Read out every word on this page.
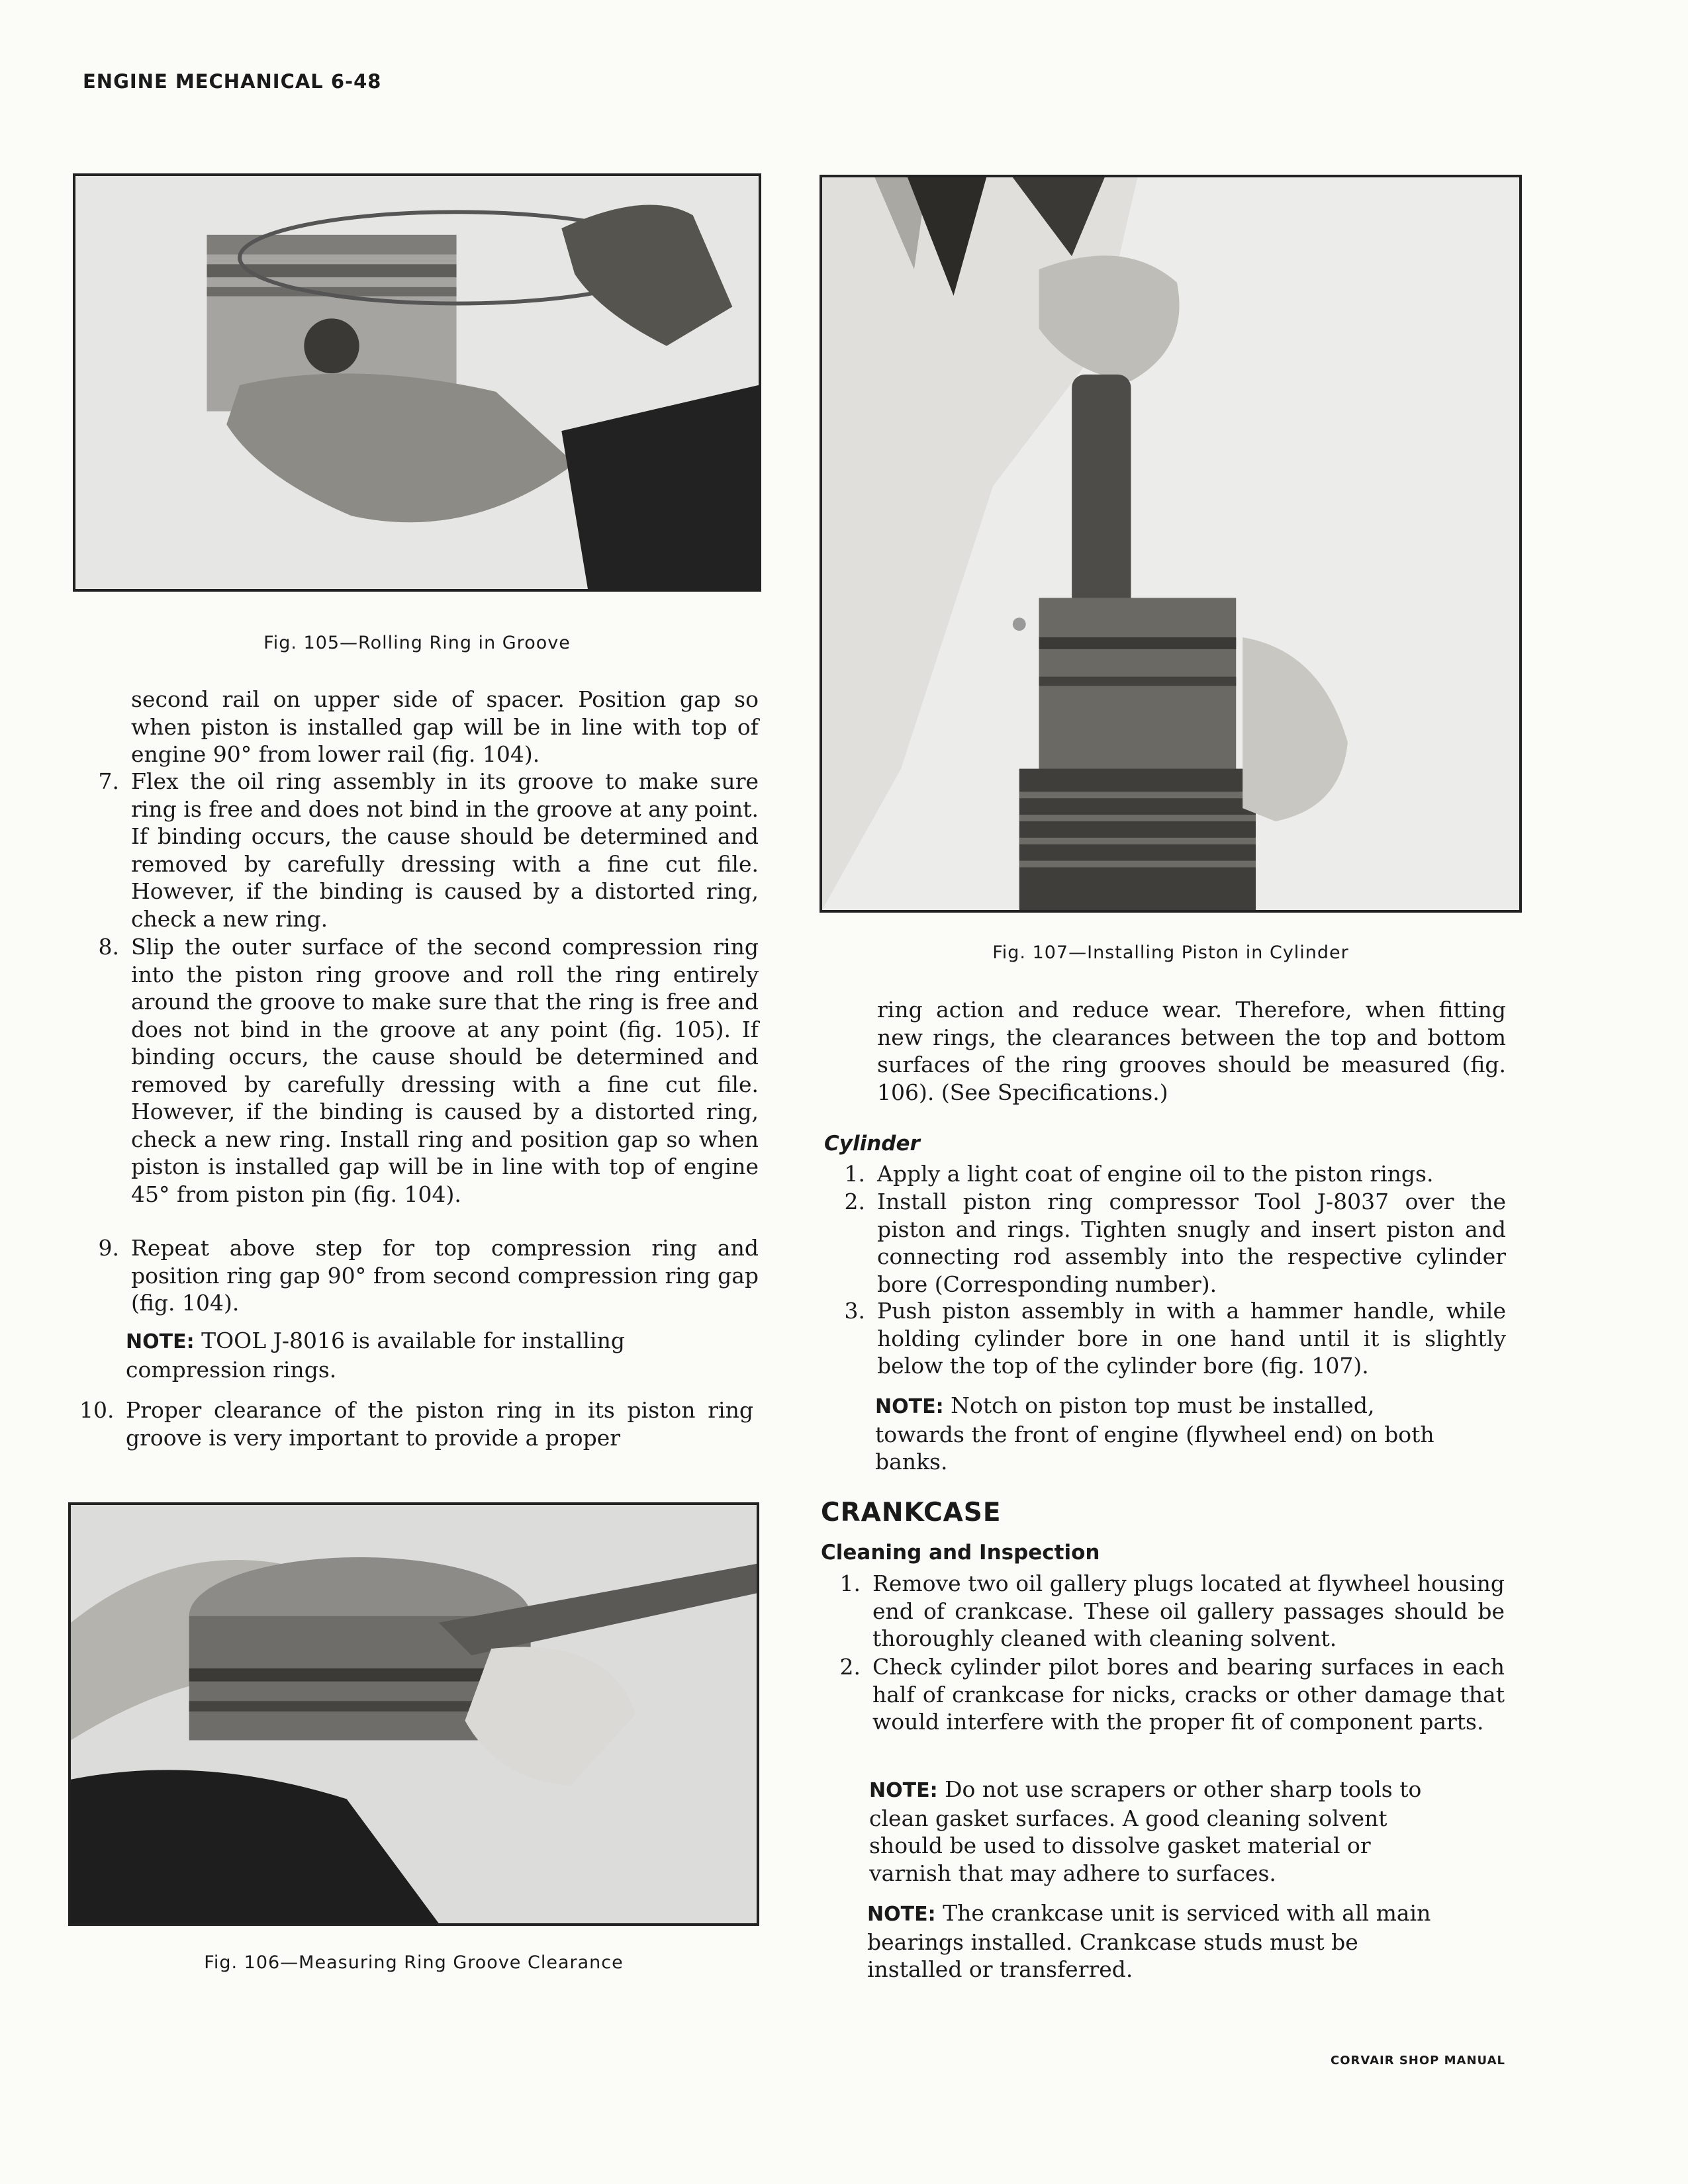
ENGINE MECHANICAL 6-48
Fig. 105—Rolling Ring in Groove
second rail on upper side of spacer. Position gap so when piston is installed gap will be in line with top of engine 90° from lower rail (fig. 104).
7. Flex the oil ring assembly in its groove to make sure ring is free and does not bind in the groove at any point. If binding occurs, the cause should be determined and removed by carefully dressing with a fine cut file. However, if the binding is caused by a distorted ring, check a new ring.
8. Slip the outer surface of the second compression ring into the piston ring groove and roll the ring entirely around the groove to make sure that the ring is free and does not bind in the groove at any point (fig. 105). If binding occurs, the cause should be determined and removed by carefully dressing with a fine cut file. However, if the binding is caused by a distorted ring, check a new ring. Install ring and position gap so when piston is installed gap will be in line with top of engine 45° from piston pin (fig. 104).
9. Repeat above step for top compression ring and position ring gap 90° from second compression ring gap (fig. 104).
NOTE: TOOL J-8016 is available for installing compression rings.
10. Proper clearance of the piston ring in its piston ring groove is very important to provide a proper
Fig. 106—Measuring Ring Groove Clearance
Fig. 107—Installing Piston in Cylinder
ring action and reduce wear. Therefore, when fitting new rings, the clearances between the top and bottom surfaces of the ring grooves should be measured (fig. 106). (See Specifications.)
Cylinder
1. Apply a light coat of engine oil to the piston rings.
2. Install piston ring compressor Tool J-8037 over the piston and rings. Tighten snugly and insert piston and connecting rod assembly into the respective cylinder bore (Corresponding number).
3. Push piston assembly in with a hammer handle, while holding cylinder bore in one hand until it is slightly below the top of the cylinder bore (fig. 107).
NOTE: Notch on piston top must be installed, towards the front of engine (flywheel end) on both banks.
CRANKCASE
Cleaning and Inspection
1. Remove two oil gallery plugs located at flywheel housing end of crankcase. These oil gallery passages should be thoroughly cleaned with cleaning solvent.
2. Check cylinder pilot bores and bearing surfaces in each half of crankcase for nicks, cracks or other damage that would interfere with the proper fit of component parts.
NOTE: Do not use scrapers or other sharp tools to clean gasket surfaces. A good cleaning solvent should be used to dissolve gasket material or varnish that may adhere to surfaces.
NOTE: The crankcase unit is serviced with all main bearings installed. Crankcase studs must be installed or transferred.
CORVAIR SHOP MANUAL
